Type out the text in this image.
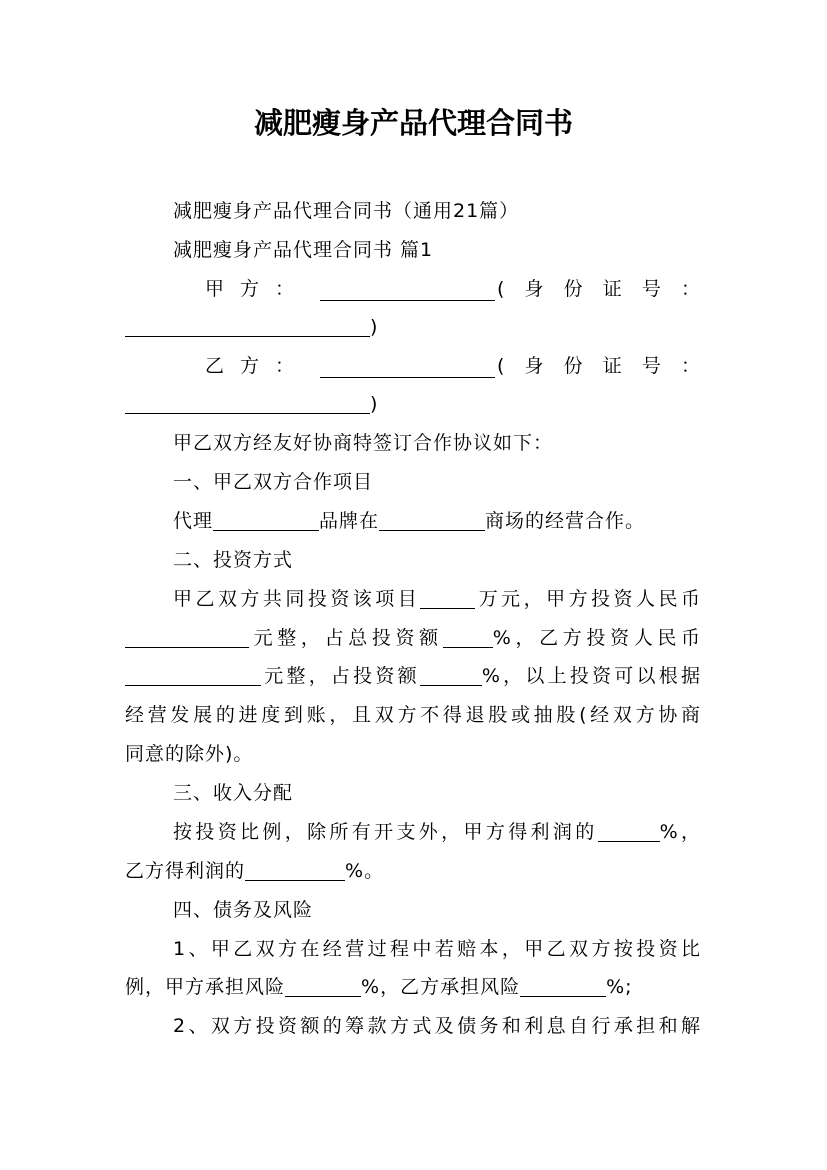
减肥瘦身产品代理合同书
减肥瘦身产品代理合同书（通用21篇）
减肥瘦身产品代理合同书 篇1
甲方：	(身份证号：
)
乙方：	(身份证号：
)
甲乙双方经友好协商特签订合作协议如下：
一、甲乙双方合作项目
代理	品牌在	商场的经营合作。
二、投资方式
甲乙双方共同投资该项目	万元，甲方投资人民币
元整，占总投资额	%，乙方投资人民币
元整，占投资额	%，以上投资可以根据
经营发展的进度到账，且双方不得退股或抽股(经双方协商
同意的除外)。
三、收入分配
按投资比例，除所有开支外，甲方得利润的	%，
乙方得利润的	%。
四、债务及风险
1、甲乙双方在经营过程中若赔本，甲乙双方按投资比
例，甲方承担风险	%，乙方承担风险	%;
2、双方投资额的筹款方式及债务和利息自行承担和解
